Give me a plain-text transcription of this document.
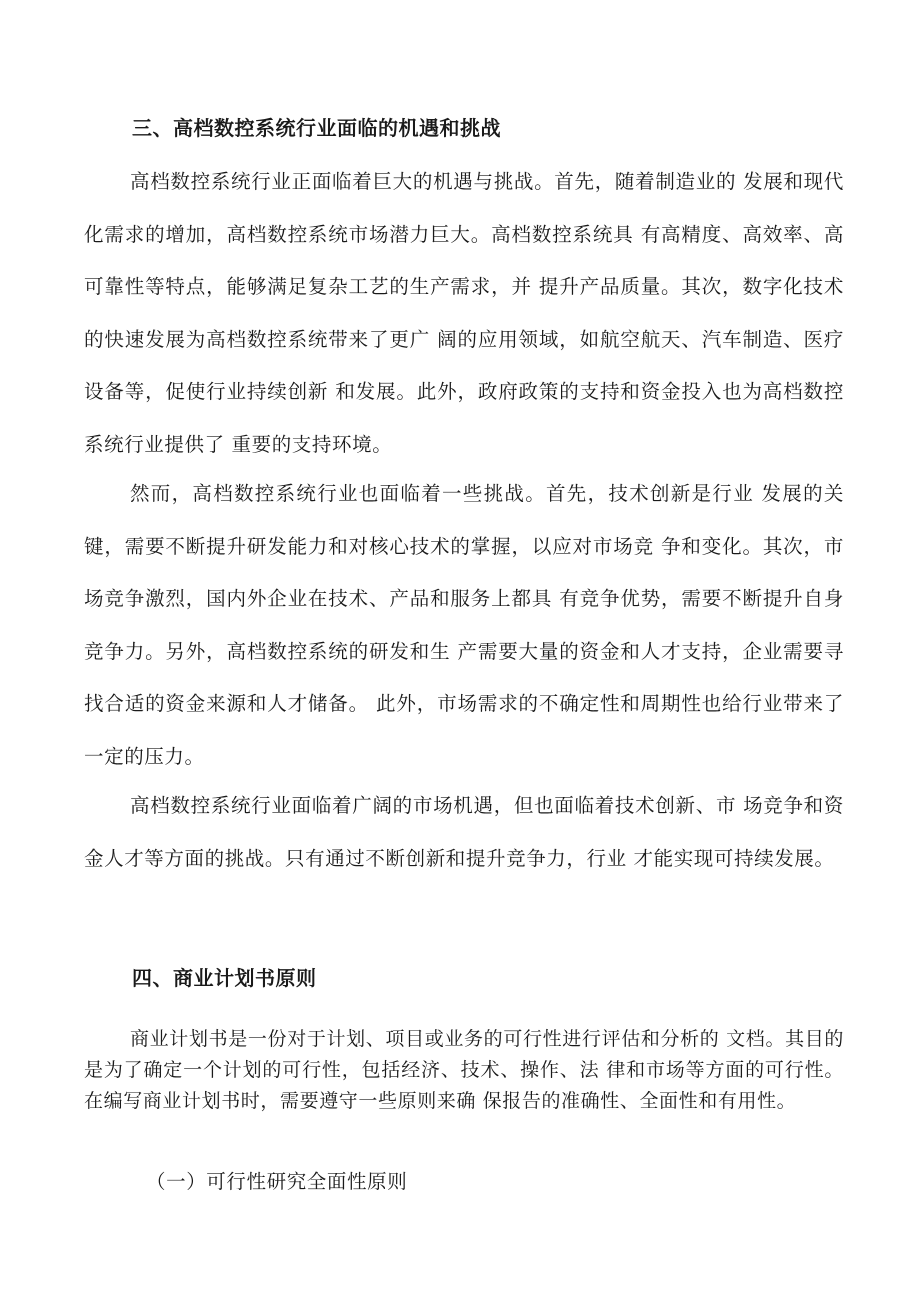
三、高档数控系统行业面临的机遇和挑战

高档数控系统行业正面临着巨大的机遇与挑战。首先，随着制造业的 发展和现代化需求的增加，高档数控系统市场潜力巨大。高档数控系统具 有高精度、高效率、高可靠性等特点，能够满足复杂工艺的生产需求，并 提升产品质量。其次，数字化技术的快速发展为高档数控系统带来了更广 阔的应用领域，如航空航天、汽车制造、医疗设备等，促使行业持续创新 和发展。此外，政府政策的支持和资金投入也为高档数控系统行业提供了 重要的支持环境。

然而，高档数控系统行业也面临着一些挑战。首先，技术创新是行业 发展的关键，需要不断提升研发能力和对核心技术的掌握，以应对市场竞 争和变化。其次，市场竞争激烈，国内外企业在技术、产品和服务上都具 有竞争优势，需要不断提升自身竞争力。另外，高档数控系统的研发和生 产需要大量的资金和人才支持，企业需要寻找合适的资金来源和人才储备。 此外，市场需求的不确定性和周期性也给行业带来了一定的压力。

高档数控系统行业面临着广阔的市场机遇，但也面临着技术创新、市 场竞争和资金人才等方面的挑战。只有通过不断创新和提升竞争力，行业 才能实现可持续发展。

四、商业计划书原则

商业计划书是一份对于计划、项目或业务的可行性进行评估和分析的 文档。其目的是为了确定一个计划的可行性，包括经济、技术、操作、法 律和市场等方面的可行性。在编写商业计划书时，需要遵守一些原则来确 保报告的准确性、全面性和有用性。

（一）可行性研究全面性原则
